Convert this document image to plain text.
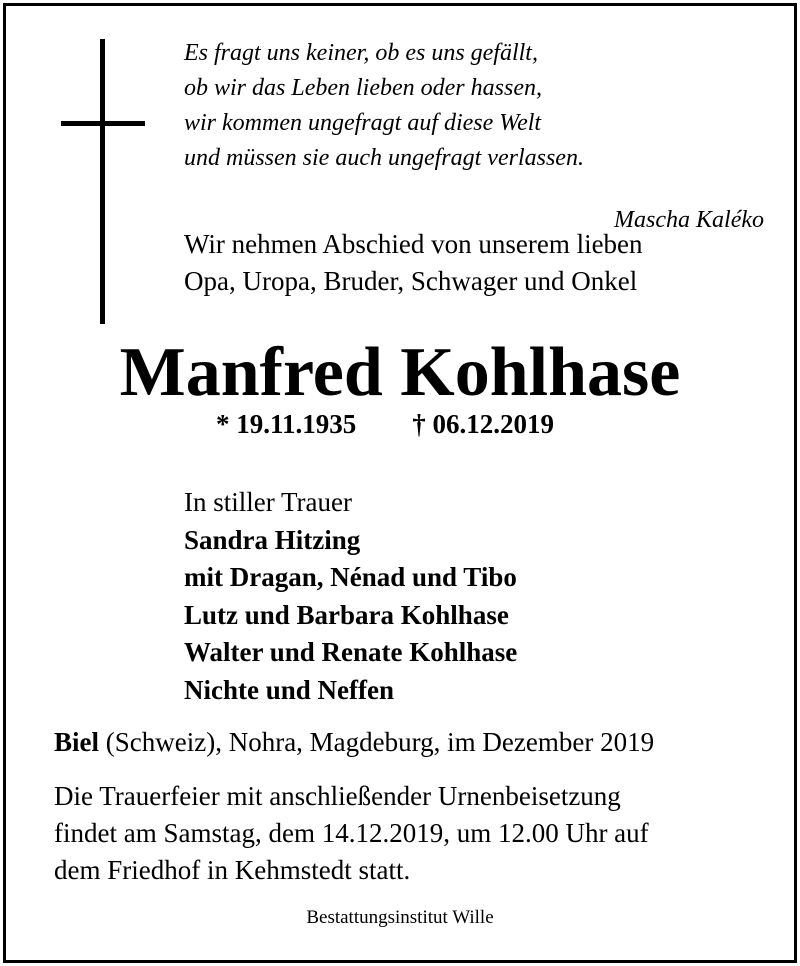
Es fragt uns keiner, ob es uns gefällt,
ob wir das Leben lieben oder hassen,
wir kommen ungefragt auf diese Welt
und müssen sie auch ungefragt verlassen.
Mascha Kaléko
Wir nehmen Abschied von unserem lieben
Opa, Uropa, Bruder, Schwager und Onkel
Manfred Kohlhase
* 19.11.1935 † 06.12.2019
In stiller Trauer
Sandra Hitzing
mit Dragan, Nénad und Tibo
Lutz und Barbara Kohlhase
Walter und Renate Kohlhase
Nichte und Neffen
Biel (Schweiz), Nohra, Magdeburg, im Dezember 2019
Die Trauerfeier mit anschließender Urnenbeisetzung
findet am Samstag, dem 14.12.2019, um 12.00 Uhr auf
dem Friedhof in Kehmstedt statt.
Bestattungsinstitut Wille
